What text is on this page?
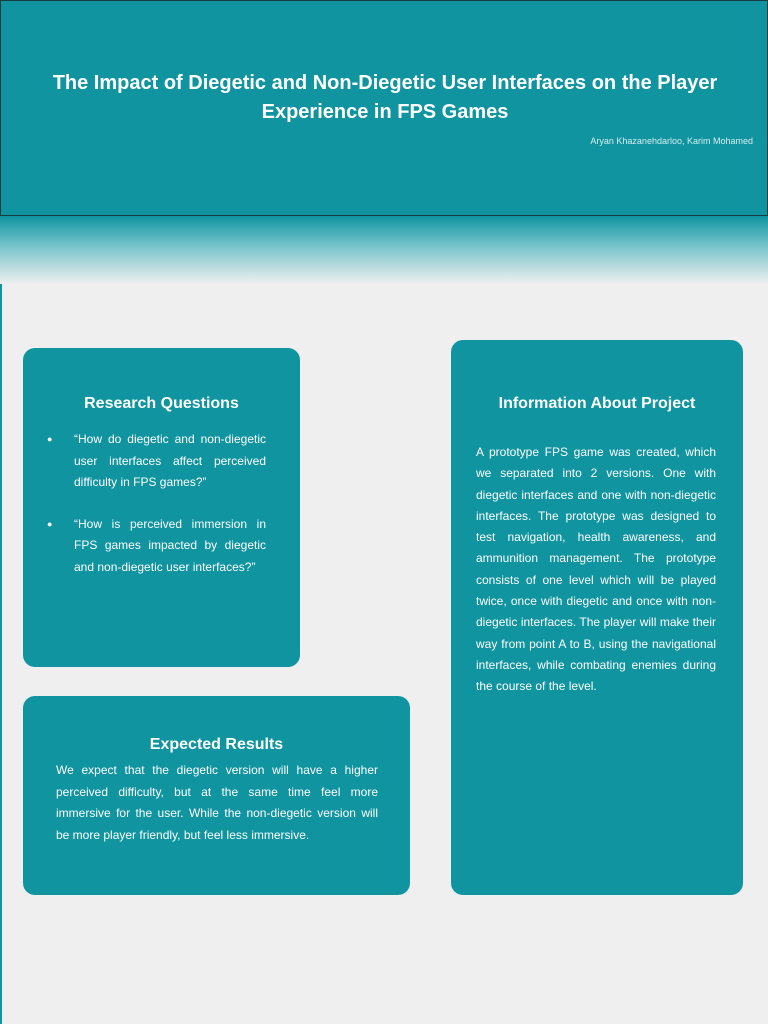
The Impact of Diegetic and Non-Diegetic User Interfaces on the Player Experience in FPS Games
Aryan Khazanehdarloo, Karim Mohamed
Research Questions
● “How do diegetic and non-diegetic user interfaces affect perceived difficulty in FPS games?”
● “How is perceived immersion in FPS games impacted by diegetic and non-diegetic user interfaces?”
Expected Results

We expect that the diegetic version will have a higher perceived difficulty, but at the same time feel more immersive for the user. While the non-diegetic version will be more player friendly, but feel less immersive.

Information About Project

A prototype FPS game was created, which we separated into 2 versions. One with diegetic interfaces and one with non-diegetic interfaces. The prototype was designed to test navigation, health awareness, and ammunition management. The prototype consists of one level which will be played twice, once with diegetic and once with non-diegetic interfaces. The player will make their way from point A to B, using the navigational interfaces, while combating enemies during the course of the level.
